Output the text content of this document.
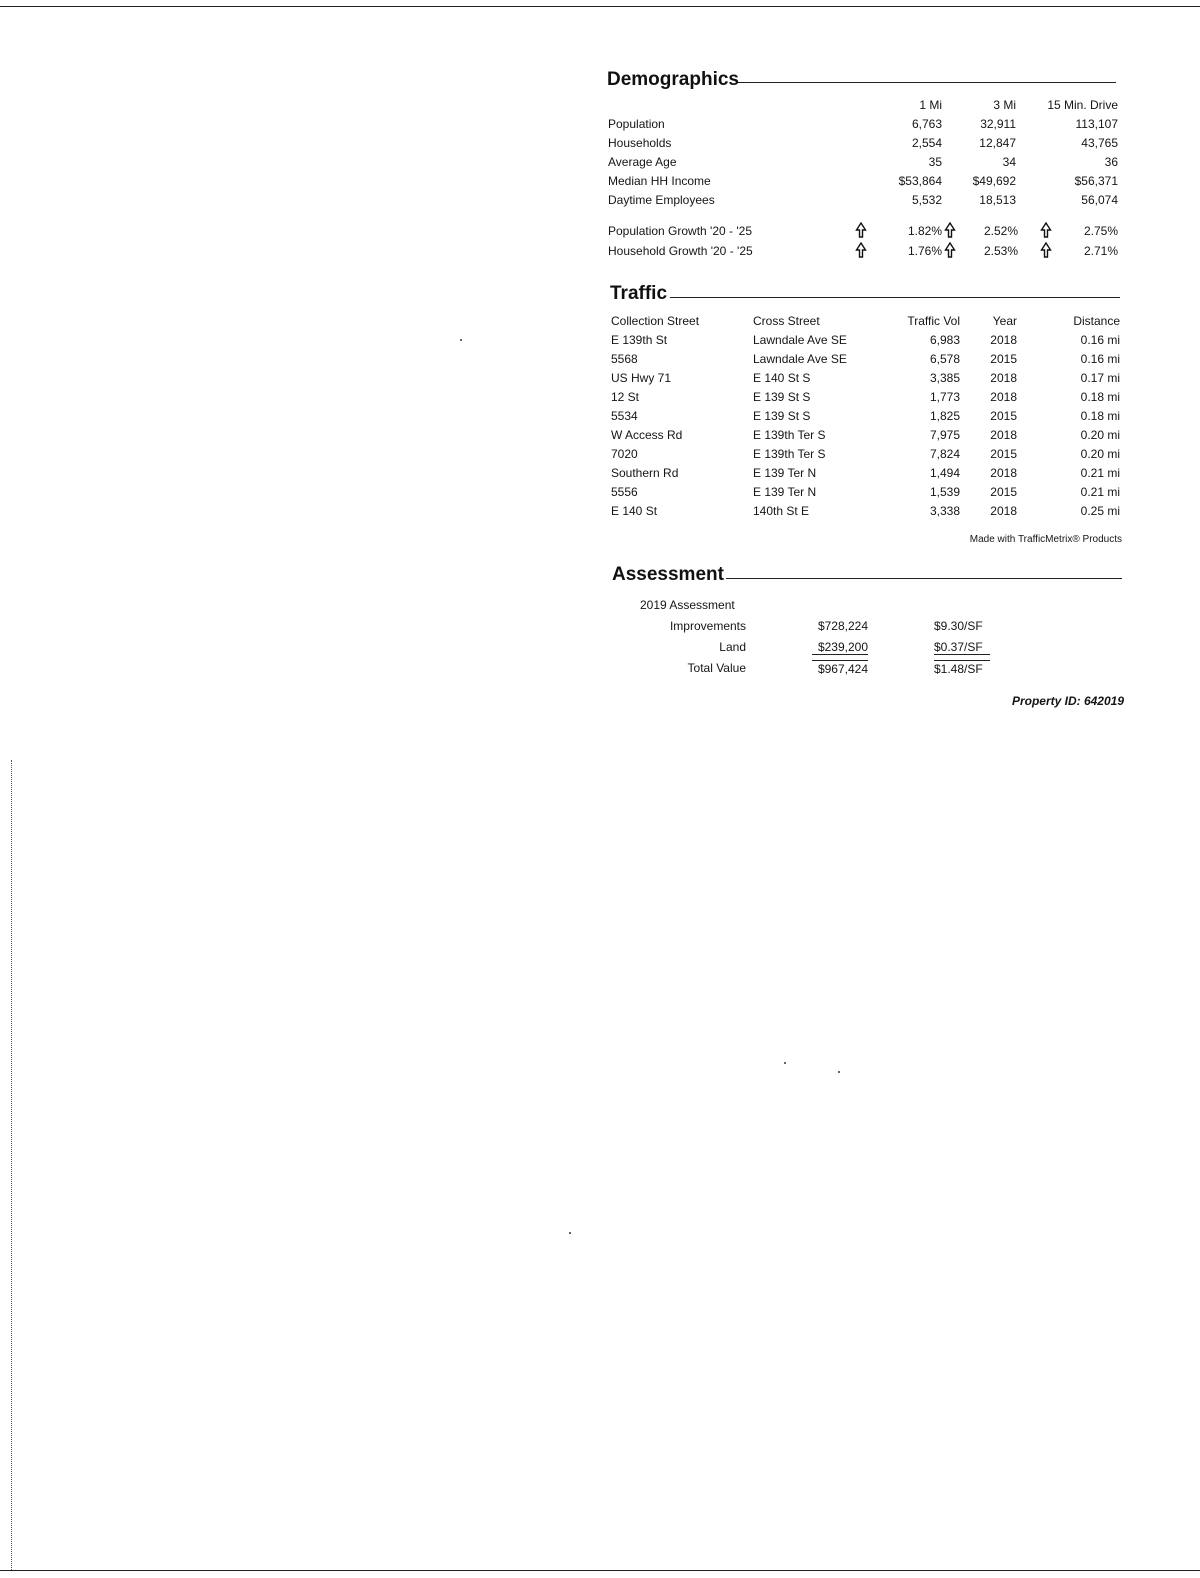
Demographics
1 Mi	3 Mi	15 Min. Drive
Population	6,763	32,911	113,107
Households	2,554	12,847	43,765
Average Age	35	34	36
Median HH Income	$53,864	$49,692	$56,371
Daytime Employees	5,532	18,513	56,074
Population Growth '20 - '25	1.82%	2.52%	2.75%
Household Growth '20 - '25	1.76%	2.53%	2.71%
Traffic
Collection Street	Cross Street	Traffic Vol	Year	Distance
E 139th St	Lawndale Ave SE	6,983	2018	0.16 mi
5568	Lawndale Ave SE	6,578	2015	0.16 mi
US Hwy 71	E 140 St S	3,385	2018	0.17 mi
12 St	E 139 St S	1,773	2018	0.18 mi
5534	E 139 St S	1,825	2015	0.18 mi
W Access Rd	E 139th Ter S	7,975	2018	0.20 mi
7020	E 139th Ter S	7,824	2015	0.20 mi
Southern Rd	E 139 Ter N	1,494	2018	0.21 mi
5556	E 139 Ter N	1,539	2015	0.21 mi
E 140 St	140th St E	3,338	2018	0.25 mi
Made with TrafficMetrix® Products
Assessment
2019 Assessment
Improvements	$728,224	$9.30/SF
Land	$239,200	$0.37/SF
Total Value	$967,424	$1.48/SF
Property ID: 642019
